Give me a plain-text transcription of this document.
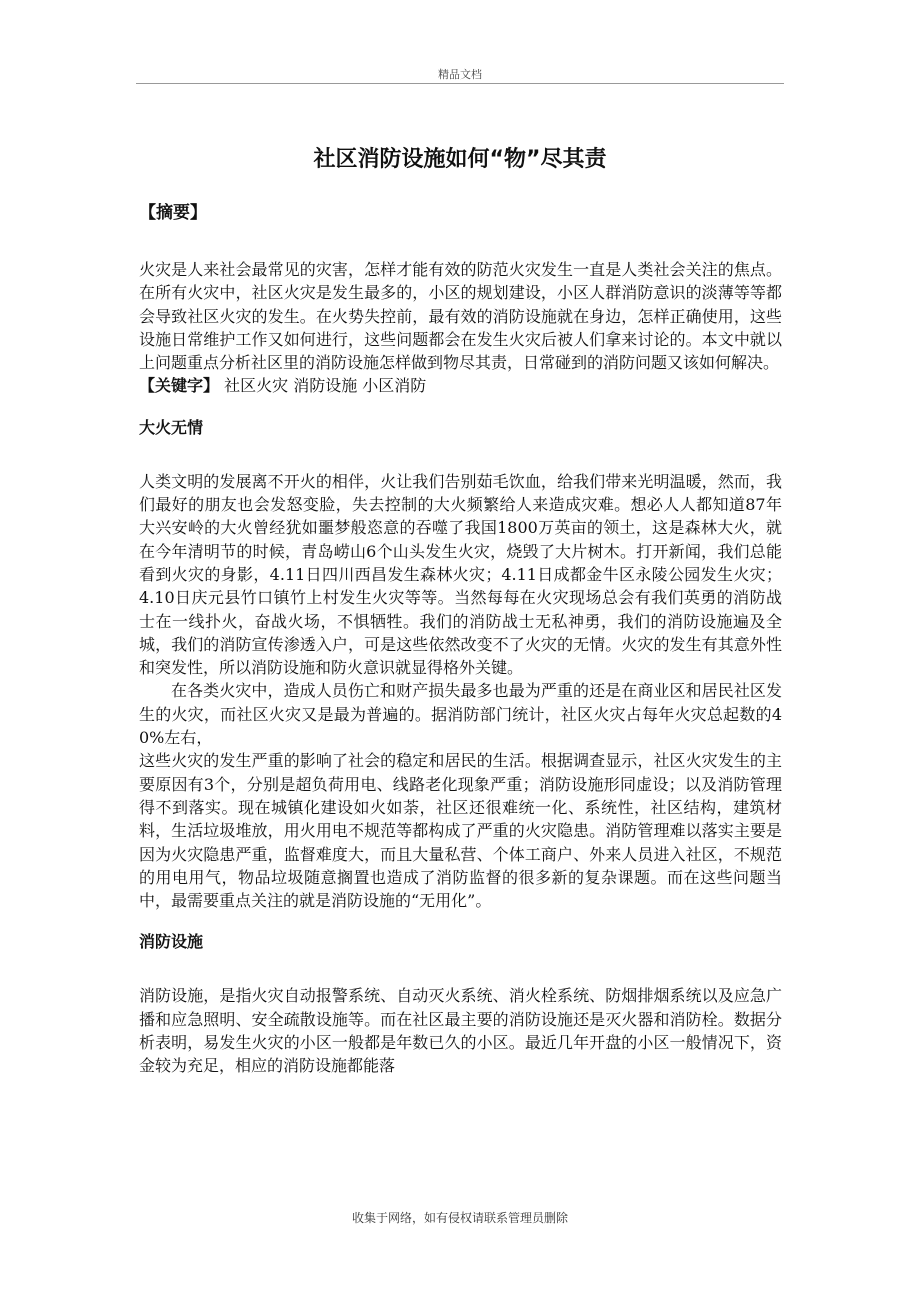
精品文档
社区消防设施如何“物”尽其责
【摘要】

火灾是人来社会最常见的灾害，怎样才能有效的防范火灾发生一直是人类社会关注的焦点。在所有火灾中，社区火灾是发生最多的，小区的规划建设，小区人群消防意识的淡薄等等都会导致社区火灾的发生。在火势失控前，最有效的消防设施就在身边，怎样正确使用，这些设施日常维护工作又如何进行，这些问题都会在发生火灾后被人们拿来讨论的。本文中就以上问题重点分析社区里的消防设施怎样做到物尽其责，日常碰到的消防问题又该如何解决。

【关键字】 社区火灾 消防设施 小区消防

大火无情

人类文明的发展离不开火的相伴，火让我们告别茹毛饮血，给我们带来光明温暖，然而，我们最好的朋友也会发怒变脸，失去控制的大火频繁给人来造成灾难。想必人人都知道87年大兴安岭的大火曾经犹如噩梦般恣意的吞噬了我国1800万英亩的领土，这是森林大火，就在今年清明节的时候，青岛崂山6个山头发生火灾，烧毁了大片树木。打开新闻，我们总能看到火灾的身影，4.11日四川西昌发生森林火灾；4.11日成都金牛区永陵公园发生火灾；4.10日庆元县竹口镇竹上村发生火灾等等。当然每每在火灾现场总会有我们英勇的消防战士在一线扑火，奋战火场，不惧牺牲。我们的消防战士无私神勇，我们的消防设施遍及全城，我们的消防宣传渗透入户，可是这些依然改变不了火灾的无情。火灾的发生有其意外性和突发性，所以消防设施和防火意识就显得格外关键。

在各类火灾中，造成人员伤亡和财产损失最多也最为严重的还是在商业区和居民社区发生的火灾，而社区火灾又是最为普遍的。据消防部门统计，社区火灾占每年火灾总起数的40%左右，

这些火灾的发生严重的影响了社会的稳定和居民的生活。根据调查显示，社区火灾发生的主要原因有3个，分别是超负荷用电、线路老化现象严重；消防设施形同虚设；以及消防管理得不到落实。现在城镇化建设如火如荼，社区还很难统一化、系统性，社区结构，建筑材料，生活垃圾堆放，用火用电不规范等都构成了严重的火灾隐患。消防管理难以落实主要是因为火灾隐患严重，监督难度大，而且大量私营、个体工商户、外来人员进入社区，不规范的用电用气，物品垃圾随意搁置也造成了消防监督的很多新的复杂课题。而在这些问题当中，最需要重点关注的就是消防设施的“无用化”。

消防设施

消防设施，是指火灾自动报警系统、自动灭火系统、消火栓系统、防烟排烟系统以及应急广播和应急照明、安全疏散设施等。而在社区最主要的消防设施还是灭火器和消防栓。数据分析表明，易发生火灾的小区一般都是年数已久的小区。最近几年开盘的小区一般情况下，资金较为充足，相应的消防设施都能落

收集于网络，如有侵权请联系管理员删除
